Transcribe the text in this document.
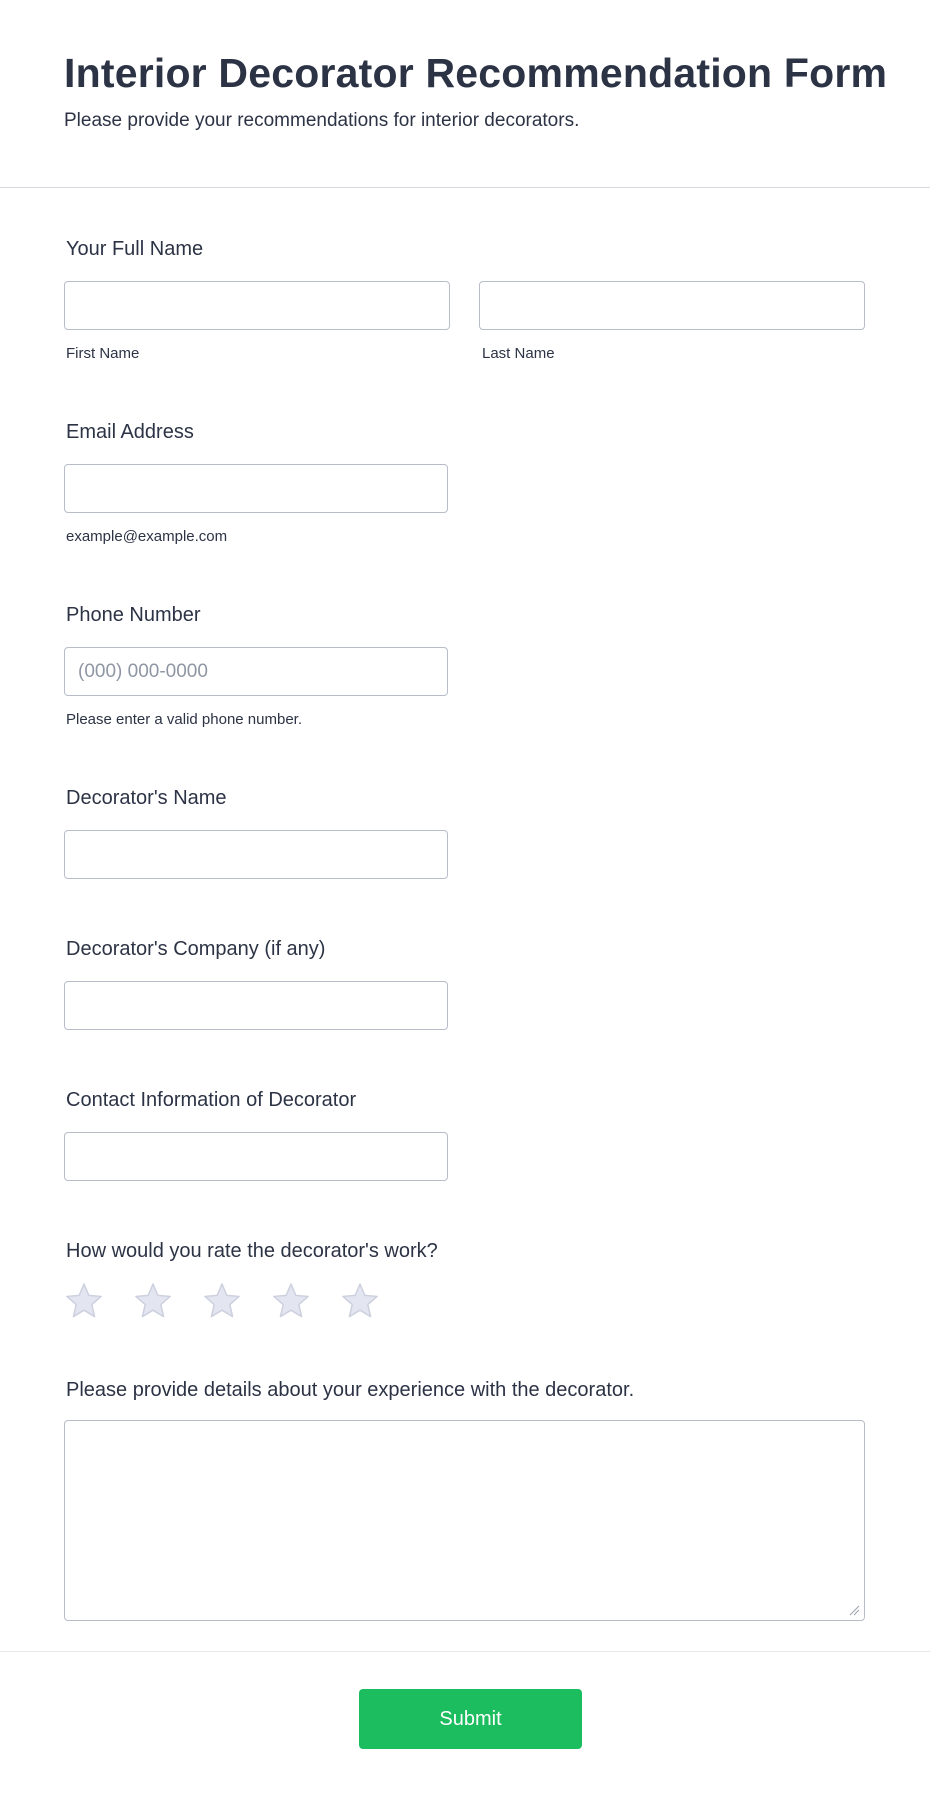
Interior Decorator Recommendation Form
Please provide your recommendations for interior decorators.
Your Full Name
First Name	Last Name
Email Address
example@example.com
Phone Number
(000) 000-0000
Please enter a valid phone number.
Decorator's Name
Decorator's Company (if any)
Contact Information of Decorator
How would you rate the decorator's work?
Please provide details about your experience with the decorator.
Submit
